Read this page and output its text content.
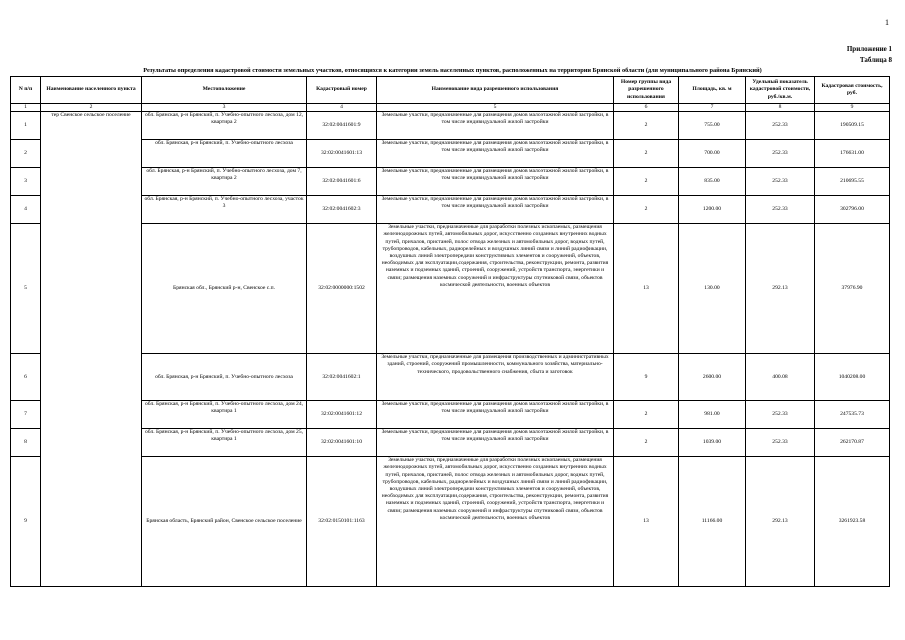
1
Приложение 1
Таблица 8
Результаты определения кадастровой стоимости земельных участков, относящихся к категории земель населенных пунктов, расположенных на территории Брянской области (для муниципального района Брянский)
N п/п	Наименование населенного пункта	Местоположение	Кадастровый номер	Наименование вида разрешенного использования	Номер группы вида разрешенного использования	Площадь, кв. м	Удельный показатель кадастровой стоимости, руб./кв.м.	Кадастровая стоимость, руб.
1	2	3	4	5	6	7	8	9
1	тер Свенское сельское поселение	обл. Брянская, р-н Брянский, п. Учебно-опытного лесхоза, дом 12, квартира 2	32:02:0041601:9	Земельные участки, предназначенные для размещения домов малоэтажной жилой застройки, в том числе индивидуальной жилой застройки	2	755.00	252.33	190509.15
2		обл. Брянская, р-н Брянский, п. Учебно-опытного лесхоза	32:02:0041601:13	Земельные участки, предназначенные для размещения домов малоэтажной жилой застройки, в том числе индивидуальной жилой застройки	2	700.00	252.33	176631.00
3		обл. Брянская, р-н Брянский, п. Учебно-опытного лесхоза, дом 7, квартира 2	32:02:0041601:6	Земельные участки, предназначенные для размещения домов малоэтажной жилой застройки, в том числе индивидуальной жилой застройки	2	835.00	252.33	210695.55
4		обл. Брянская, р-н Брянский, п. Учебно-опытного лесхоза, участок 3	32:02:0041602:3	Земельные участки, предназначенные для размещения домов малоэтажной жилой застройки, в том числе индивидуальной жилой застройки	2	1200.00	252.33	302796.00
5		Брянская обл., Брянский р-н, Свенское с.п.	32:02:0000000:1502	Земельные участки, предназначенные для разработки полезных ископаемых, размещения железнодорожных путей, автомобильных дорог, искусственно созданных внутренних водных путей, причалов, пристаней, полос отвода железных и автомобильных дорог, водных путей, трубопроводов, кабельных, радиорелейных и воздушных линий связи и линий радиофикации, воздушных линий электропередачи конструктивных элементов и сооружений, объектов, необходимых для эксплуатации,содержания, строительства, реконструкции, ремонта, развития наземных и подземных зданий, строений, сооружений, устройств транспорта, энергетики и связи; размещения наземных сооружений и инфраструктуры спутниковой связи, объектов космической деятельности, военных объектов	13	130.00	292.13	37976.90
6		обл. Брянская, р-н Брянский, п. Учебно-опытного лесхоза	32:02:0041602:1	Земельные участки, предназначенные для размещения производственных и административных зданий, строений, сооружений промышленности, коммунального хозяйства, материально-технического, продовольственного снабжения, сбыта и заготовок	9	2600.00	400.08	1040208.00
7		обл. Брянская, р-н Брянский, п. Учебно-опытного лесхоза, дом 24, квартира 1	32:02:0041601:12	Земельные участки, предназначенные для размещения домов малоэтажной жилой застройки, в том числе индивидуальной жилой застройки	2	981.00	252.33	247535.73
8		обл. Брянская, р-н Брянский, п. Учебно-опытного лесхоза, дом 25, квартира 1	32:02:0041601:10	Земельные участки, предназначенные для размещения домов малоэтажной жилой застройки, в том числе индивидуальной жилой застройки	2	1039.00	252.33	262170.87
9		Брянская область, Брянский район, Свенское сельское поселение	32:02:0150101:1163	Земельные участки, предназначенные для разработки полезных ископаемых, размещения железнодорожных путей, автомобильных дорог, искусственно созданных внутренних водных путей, причалов, пристаней, полос отвода железных и автомобильных дорог, водных путей, трубопроводов, кабельных, радиорелейных и воздушных линий связи и линий радиофикации, воздушных линий электропередачи конструктивных элементов и сооружений, объектов, необходимых для эксплуатации,содержания, строительства, реконструкции, ремонта, развития наземных и подземных зданий, строений, сооружений, устройств транспорта, энергетики и связи; размещения наземных сооружений и инфраструктуры спутниковой связи, объектов космической деятельности, военных объектов	13	11166.00	292.13	3261923.58
